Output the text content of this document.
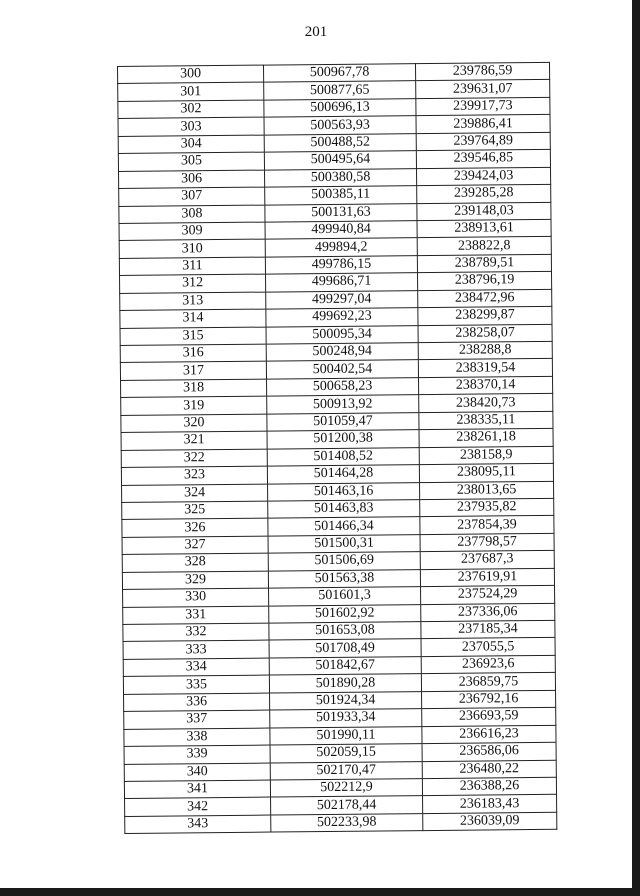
201
300	500967,78	239786,59
301	500877,65	239631,07
302	500696,13	239917,73
303	500563,93	239886,41
304	500488,52	239764,89
305	500495,64	239546,85
306	500380,58	239424,03
307	500385,11	239285,28
308	500131,63	239148,03
309	499940,84	238913,61
310	499894,2	238822,8
311	499786,15	238789,51
312	499686,71	238796,19
313	499297,04	238472,96
314	499692,23	238299,87
315	500095,34	238258,07
316	500248,94	238288,8
317	500402,54	238319,54
318	500658,23	238370,14
319	500913,92	238420,73
320	501059,47	238335,11
321	501200,38	238261,18
322	501408,52	238158,9
323	501464,28	238095,11
324	501463,16	238013,65
325	501463,83	237935,82
326	501466,34	237854,39
327	501500,31	237798,57
328	501506,69	237687,3
329	501563,38	237619,91
330	501601,3	237524,29
331	501602,92	237336,06
332	501653,08	237185,34
333	501708,49	237055,5
334	501842,67	236923,6
335	501890,28	236859,75
336	501924,34	236792,16
337	501933,34	236693,59
338	501990,11	236616,23
339	502059,15	236586,06
340	502170,47	236480,22
341	502212,9	236388,26
342	502178,44	236183,43
343	502233,98	236039,09
